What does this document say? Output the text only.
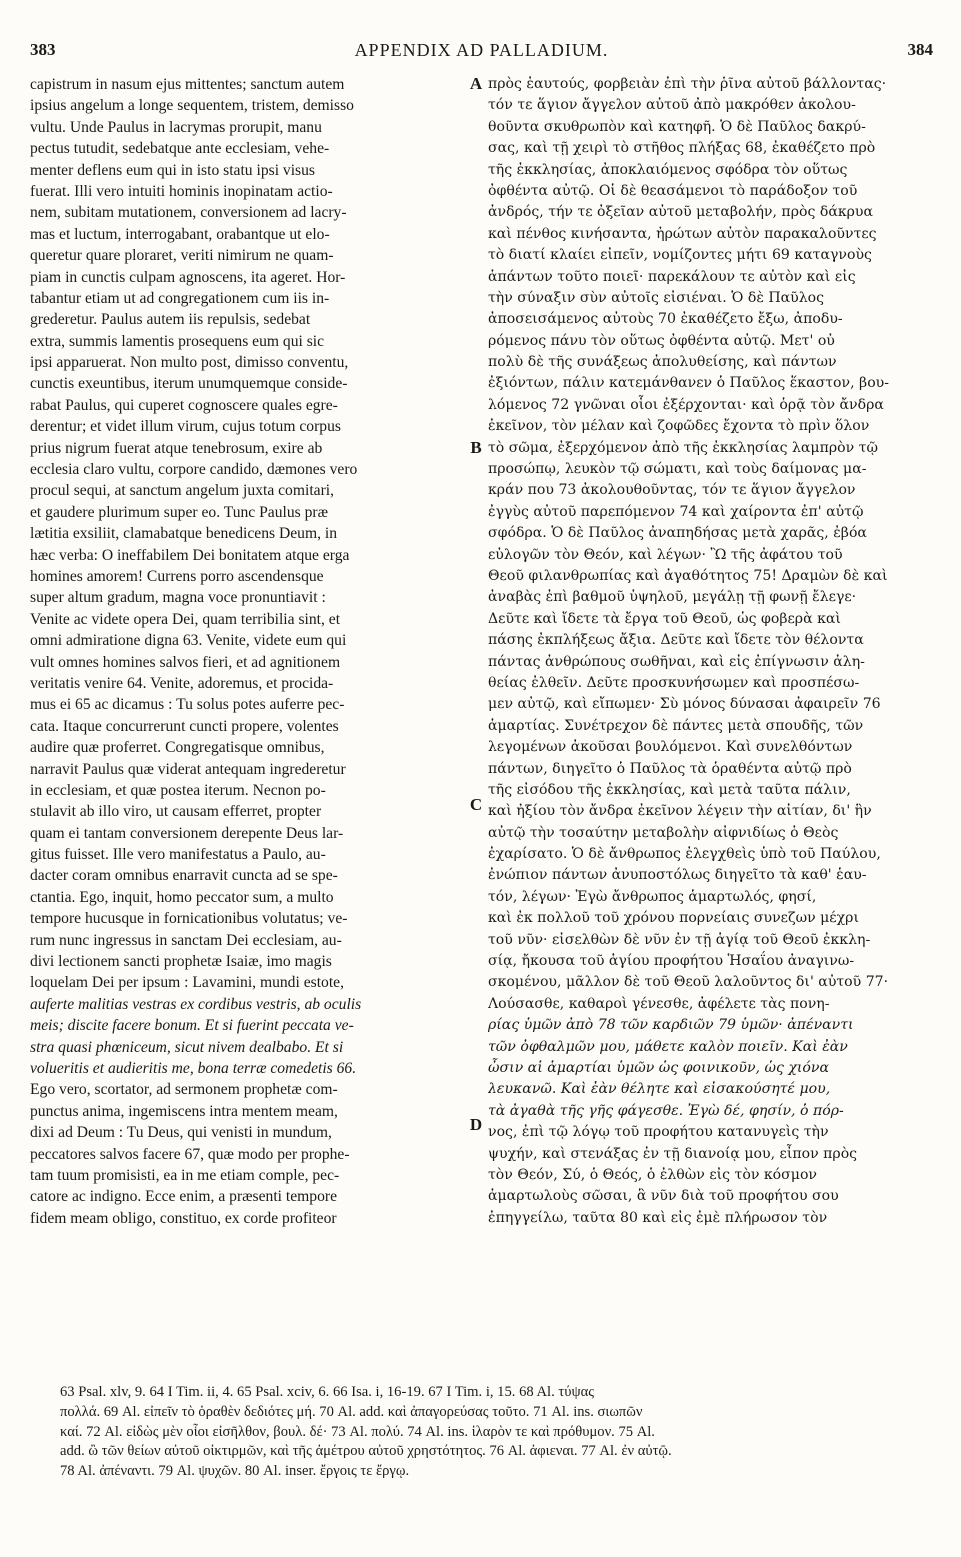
383	APPENDIX AD PALLADIUM.	384
capistrum in nasum ejus mittentes; sanctum autem
ipsius angelum a longe sequentem, tristem, demisso
vultu. Unde Paulus in lacrymas prorupit, manu
pectus tutudit, sedebatque ante ecclesiam, vehe-
menter deflens eum qui in isto statu ipsi visus
fuerat. Illi vero intuiti hominis inopinatam actio-
nem, subitam mutationem, conversionem ad lacry-
mas et luctum, interrogabant, orabantque ut elo-
queretur quare ploraret, veriti nimirum ne quam-
piam in cunctis culpam agnoscens, ita ageret. Hor-
tabantur etiam ut ad congregationem cum iis in-
grederetur. Paulus autem iis repulsis, sedebat
extra, summis lamentis prosequens eum qui sic
ipsi apparuerat. Non multo post, dimisso conventu,
cunctis exeuntibus, iterum unumquemque conside-
rabat Paulus, qui cuperet cognoscere quales egre-
derentur; et videt illum virum, cujus totum corpus
prius nigrum fuerat atque tenebrosum, exire ab
ecclesia claro vultu, corpore candido, dæmones vero
procul sequi, at sanctum angelum juxta comitari,
et gaudere plurimum super eo. Tunc Paulus præ
lætitia exsiliit, clamabatque benedicens Deum, in
hæc verba: O ineffabilem Dei bonitatem atque erga
homines amorem! Currens porro ascendensque
super altum gradum, magna voce pronuntiavit :
Venite ac videte opera Dei, quam terribilia sint, et
omni admiratione digna 63. Venite, videte eum qui
vult omnes homines salvos fieri, et ad agnitionem
veritatis venire 64. Venite, adoremus, et procida-
mus ei 65 ac dicamus : Tu solus potes auferre pec-
cata. Itaque concurrerunt cuncti propere, volentes
audire quæ proferret. Congregatisque omnibus,
narravit Paulus quæ viderat antequam ingrederetur
in ecclesiam, et quæ postea iterum. Necnon po-
stulavit ab illo viro, ut causam efferret, propter
quam ei tantam conversionem derepente Deus lar-
gitus fuisset. Ille vero manifestatus a Paulo, au-
dacter coram omnibus enarravit cuncta ad se spe-
ctantia. Ego, inquit, homo peccator sum, a multo
tempore hucusque in fornicationibus volutatus; ve-
rum nunc ingressus in sanctam Dei ecclesiam, au-
divi lectionem sancti prophetæ Isaiæ, imo magis
loquelam Dei per ipsum : Lavamini, mundi estote,
auferte malitias vestras ex cordibus vestris, ab oculis
meis; discite facere bonum. Et si fuerint peccata ve-
stra quasi phœniceum, sicut nivem dealbabo. Et si
volueritis et audieritis me, bona terræ comedetis 66.
Ego vero, scortator, ad sermonem prophetæ com-
punctus anima, ingemiscens intra mentem meam,
dixi ad Deum : Tu Deus, qui venisti in mundum,
peccatores salvos facere 67, quæ modo per prophe-
tam tuum promisisti, ea in me etiam comple, pec-
catore ac indigno. Ecce enim, a præsenti tempore
fidem meam obligo, constituo, ex corde profiteor
πρὸς ἑαυτούς, φορβειὰν ἐπὶ τὴν ῥῖνα αὐτοῦ βάλλοντας·
τόν τε ἅγιον ἄγγελον αὐτοῦ ἀπὸ μακρόθεν ἀκολου-
θοῦντα σκυθρωπὸν καὶ κατηφῆ. Ὁ δὲ Παῦλος δακρύ-
σας, καὶ τῇ χειρὶ τὸ στῆθος πλήξας 68, ἐκαθέζετο πρὸ
τῆς ἐκκλησίας, ἀποκλαιόμενος σφόδρα τὸν οὕτως
ὀφθέντα αὐτῷ. Οἱ δὲ θεασάμενοι τὸ παράδοξον τοῦ
ἀνδρός, τήν τε ὀξεῖαν αὐτοῦ μεταβολήν, πρὸς δάκρυα
καὶ πένθος κινήσαντα, ἠρώτων αὐτὸν παρακαλοῦντες
τὸ διατί κλαίει εἰπεῖν, νομίζοντες μήτι 69 καταγνοὺς
ἁπάντων τοῦτο ποιεῖ· παρεκάλουν τε αὐτὸν καὶ εἰς
τὴν σύναξιν σὺν αὐτοῖς εἰσιέναι. Ὁ δὲ Παῦλος
ἀποσεισάμενος αὐτοὺς 70 ἐκαθέζετο ἔξω, ἀποδυ-
ρόμενος πάνυ τὸν οὕτως ὀφθέντα αὐτῷ. Μετ' οὐ
πολὺ δὲ τῆς συνάξεως ἀπολυθείσης, καὶ πάντων
ἐξιόντων, πάλιν κατεμάνθανεν ὁ Παῦλος ἕκαστον, βου-
λόμενος 72 γνῶναι οἷοι ἐξέρχονται· καὶ ὁρᾷ τὸν ἄνδρα
ἐκεῖνον, τὸν μέλαν καὶ ζοφῶδες ἔχοντα τὸ πρὶν ὅλον
τὸ σῶμα, ἐξερχόμενον ἀπὸ τῆς ἐκκλησίας λαμπρὸν τῷ
προσώπῳ, λευκὸν τῷ σώματι, καὶ τοὺς δαίμονας μα-
κράν που 73 ἀκολουθοῦντας, τόν τε ἅγιον ἄγγελον
ἐγγὺς αὐτοῦ παρεπόμενον 74 καὶ χαίροντα ἐπ' αὐτῷ
σφόδρα. Ὁ δὲ Παῦλος ἀναπηδήσας μετὰ χαρᾶς, ἐβόα
εὐλογῶν τὸν Θεόν, καὶ λέγων· Ὢ τῆς ἀφάτου τοῦ
Θεοῦ φιλανθρωπίας καὶ ἀγαθότητος 75! Δραμὼν δὲ καὶ
ἀναβὰς ἐπὶ βαθμοῦ ὑψηλοῦ, μεγάλῃ τῇ φωνῇ ἔλεγε·
Δεῦτε καὶ ἴδετε τὰ ἔργα τοῦ Θεοῦ, ὡς φοβερὰ καὶ
πάσης ἐκπλήξεως ἄξια. Δεῦτε καὶ ἴδετε τὸν θέλοντα
πάντας ἀνθρώπους σωθῆναι, καὶ εἰς ἐπίγνωσιν ἀλη-
θείας ἐλθεῖν. Δεῦτε προσκυνήσωμεν καὶ προσπέσω-
μεν αὐτῷ, καὶ εἴπωμεν· Σὺ μόνος δύνασαι ἀφαιρεῖν 76
ἁμαρτίας. Συνέτρεχον δὲ πάντες μετὰ σπουδῆς, τῶν
λεγομένων ἀκοῦσαι βουλόμενοι. Καὶ συνελθόντων
πάντων, διηγεῖτο ὁ Παῦλος τὰ ὁραθέντα αὐτῷ πρὸ
τῆς εἰσόδου τῆς ἐκκλησίας, καὶ μετὰ ταῦτα πάλιν,
καὶ ἠξίου τὸν ἄνδρα ἐκεῖνον λέγειν τὴν αἰτίαν, δι' ἣν
αὐτῷ τὴν τοσαύτην μεταβολὴν αἰφνιδίως ὁ Θεὸς
ἐχαρίσατο. Ὁ δὲ ἄνθρωπος ἐλεγχθεὶς ὑπὸ τοῦ Παύλου,
ἐνώπιον πάντων ἀνυποστόλως διηγεῖτο τὰ καθ' ἑαυ-
τόν, λέγων· Ἐγὼ ἄνθρωπος ἁμαρτωλός, φησί,
καὶ ἐκ πολλοῦ τοῦ χρόνου πορνείαις συνεζων μέχρι
τοῦ νῦν· εἰσελθὼν δὲ νῦν ἐν τῇ ἁγίᾳ τοῦ Θεοῦ ἐκκλη-
σίᾳ, ἤκουσα τοῦ ἁγίου προφήτου Ἡσαΐου ἀναγινω-
σκομένου, μᾶλλον δὲ τοῦ Θεοῦ λαλοῦντος δι' αὐτοῦ 77·
Λούσασθε, καθαροὶ γένεσθε, ἀφέλετε τὰς πονη-
ρίας ὑμῶν ἀπὸ 78 τῶν καρδιῶν 79 ὑμῶν· ἀπέναντι
τῶν ὀφθαλμῶν μου, μάθετε καλὸν ποιεῖν. Καὶ ἐὰν
ὦσιν αἱ ἁμαρτίαι ὑμῶν ὡς φοινικοῦν, ὡς χιόνα
λευκανῶ. Καὶ ἐὰν θέλητε καὶ εἰσακούσητέ μου,
τὰ ἀγαθὰ τῆς γῆς φάγεσθε. Ἐγὼ δέ, φησίν, ὁ πόρ-
νος, ἐπὶ τῷ λόγῳ τοῦ προφήτου κατανυγεὶς τὴν
ψυχήν, καὶ στενάξας ἐν τῇ διανοίᾳ μου, εἶπον πρὸς
τὸν Θεόν, Σύ, ὁ Θεός, ὁ ἐλθὼν εἰς τὸν κόσμον
ἁμαρτωλοὺς σῶσαι, ἃ νῦν διὰ τοῦ προφήτου σου
ἐπηγγείλω, ταῦτα 80 καὶ εἰς ἐμὲ πλήρωσον τὸν
A
B
C
D
63 Psal. xlv, 9. 64 I Tim. ii, 4. 65 Psal. xciv, 6. 66 Isa. i, 16-19. 67 I Tim. i, 15. 68 Al. τύψας
πολλά. 69 Al. εἰπεῖν τὸ ὁραθὲν δεδιότες μή. 70 Al. add. καὶ ἀπαγορεύσας τοῦτο. 71 Al. ins. σιωπῶν
καί. 72 Al. εἰδὼς μὲν οἷοι εἰσῆλθον, βουλ. δέ· 73 Al. πολύ. 74 Al. ins. ἱλαρὸν τε καὶ πρόθυμον. 75 Al.
add. ὢ τῶν θείων αὐτοῦ οἰκτιρμῶν, καὶ τῆς ἀμέτρου αὐτοῦ χρηστότητος. 76 Al. ἀφιεναι. 77 Al. ἐν αὐτῷ.
78 Al. ἀπέναντι. 79 Al. ψυχῶν. 80 Al. inser. ἔργοις τε ἔργῳ.
